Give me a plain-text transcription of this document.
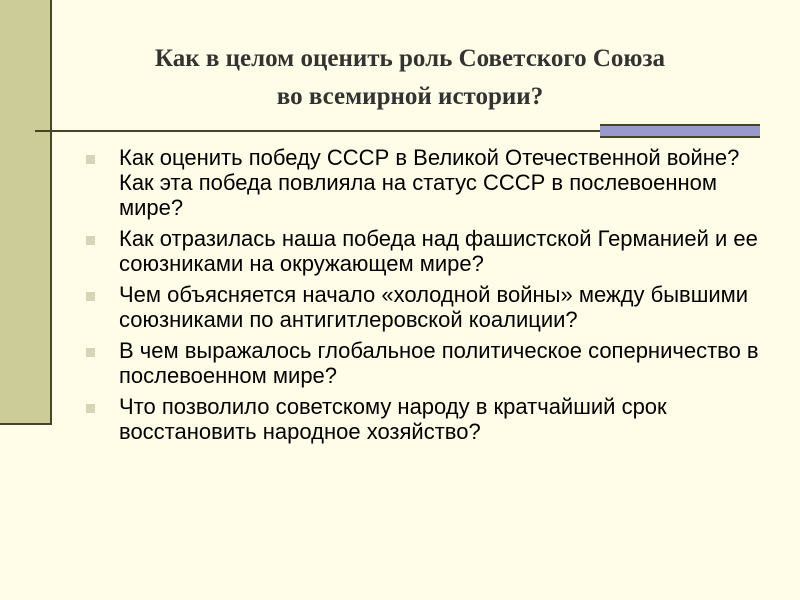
Как в целом оценить роль Советского Союза
во всемирной истории?
Как оценить победу СССР в Великой Отечественной войне? Как эта победа повлияла на статус СССР в послевоенном мире?
Как отразилась наша победа над фашистской Германией и ее союзниками на окружающем мире?
Чем объясняется начало «холодной войны» между бывшими союзниками по антигитлеровской коалиции?
В чем выражалось глобальное политическое соперничество в послевоенном мире?
Что позволило советскому народу в кратчайший срок восстановить народное хозяйство?
